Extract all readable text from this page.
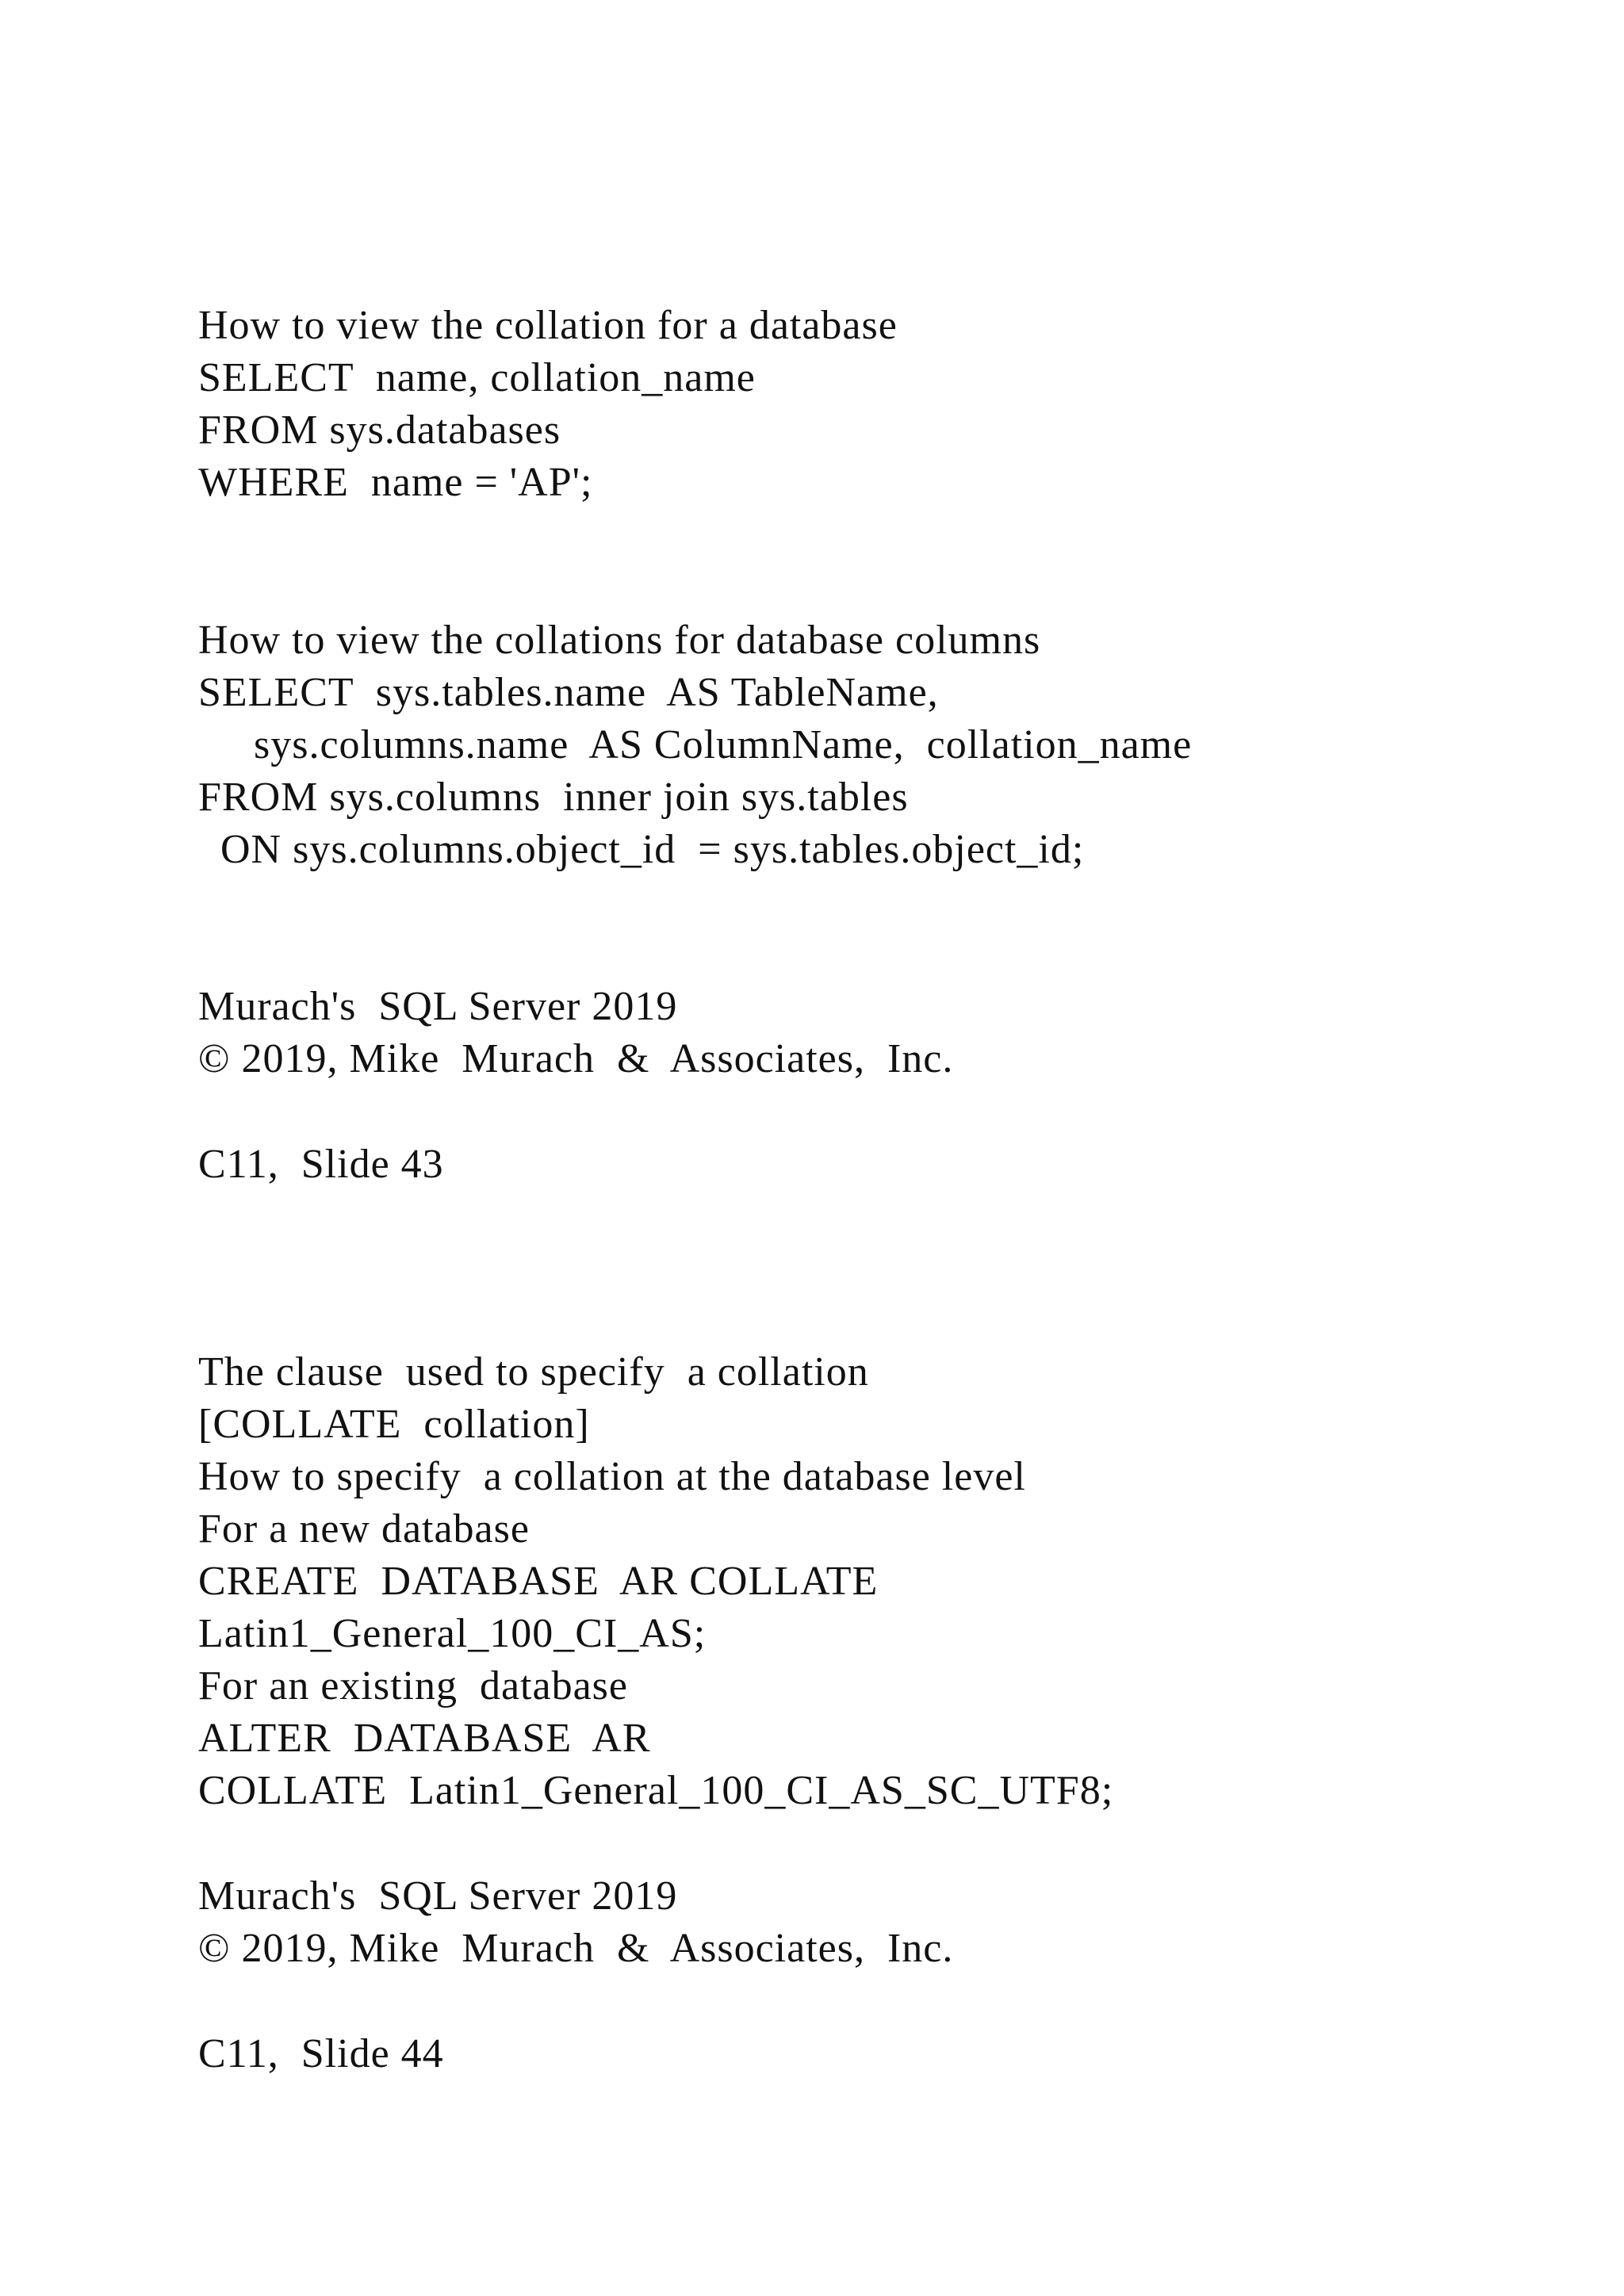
How to view the collation for a database
SELECT  name, collation_name
FROM sys.databases
WHERE  name = 'AP';
How to view the collations for database columns
SELECT  sys.tables.name  AS TableName,
sys.columns.name  AS ColumnName,  collation_name
FROM sys.columns  inner join sys.tables
ON sys.columns.object_id  = sys.tables.object_id;
Murach's  SQL Server 2019
© 2019, Mike  Murach  &  Associates,  Inc.
C11,  Slide 43
The clause  used to specify  a collation
[COLLATE  collation]
How to specify  a collation at the database level
For a new database
CREATE  DATABASE  AR COLLATE
Latin1_General_100_CI_AS;
For an existing  database
ALTER  DATABASE  AR
COLLATE  Latin1_General_100_CI_AS_SC_UTF8;
Murach's  SQL Server 2019
© 2019, Mike  Murach  &  Associates,  Inc.
C11,  Slide 44
